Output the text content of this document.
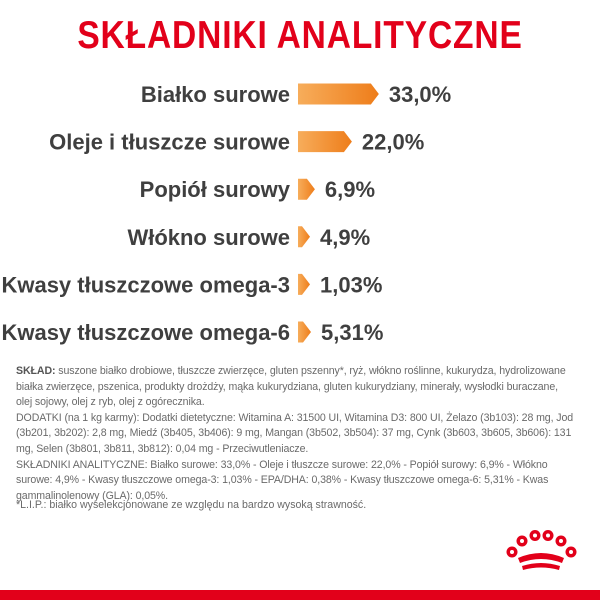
SKŁADNIKI ANALITYCZNE
Białko surowe	33,0%
Oleje i tłuszcze surowe	22,0%
Popiół surowy 6,9%
Włókno surowe 4,9%
Kwasy tłuszczowe omega-3 1,03%
Kwasy tłuszczowe omega-6 5,31%

SKŁAD: suszone białko drobiowe, tłuszcze zwierzęce, gluten pszenny*, ryż, włókno roślinne, kukurydza, hydrolizowane białka zwierzęce, pszenica, produkty drożdży, mąka kukurydziana, gluten kukurydziany, minerały, wysłodki buraczane, olej sojowy, olej z ryb, olej z ogórecznika.

DODATKI (na 1 kg karmy): Dodatki dietetyczne: Witamina A: 31500 UI, Witamina D3: 800 UI, Żelazo (3b103): 28 mg, Jod (3b201, 3b202): 2,8 mg, Miedź (3b405, 3b406): 9 mg, Mangan (3b502, 3b504): 37 mg, Cynk (3b603, 3b605, 3b606): 131 mg, Selen (3b801, 3b811, 3b812): 0,04 mg - Przeciwutleniacze.

SKŁADNIKI ANALITYCZNE: Białko surowe: 33,0% - Oleje i tłuszcze surowe: 22,0% - Popiół surowy: 6,9% - Włókno surowe: 4,9% - Kwasy tłuszczowe omega-3: 1,03% - EPA/DHA: 0,38% - Kwasy tłuszczowe omega-6: 5,31% - Kwas gammalinolenowy (GLA): 0,05%.

*L.I.P.: białko wyselekcjonowane ze względu na bardzo wysoką strawność.
